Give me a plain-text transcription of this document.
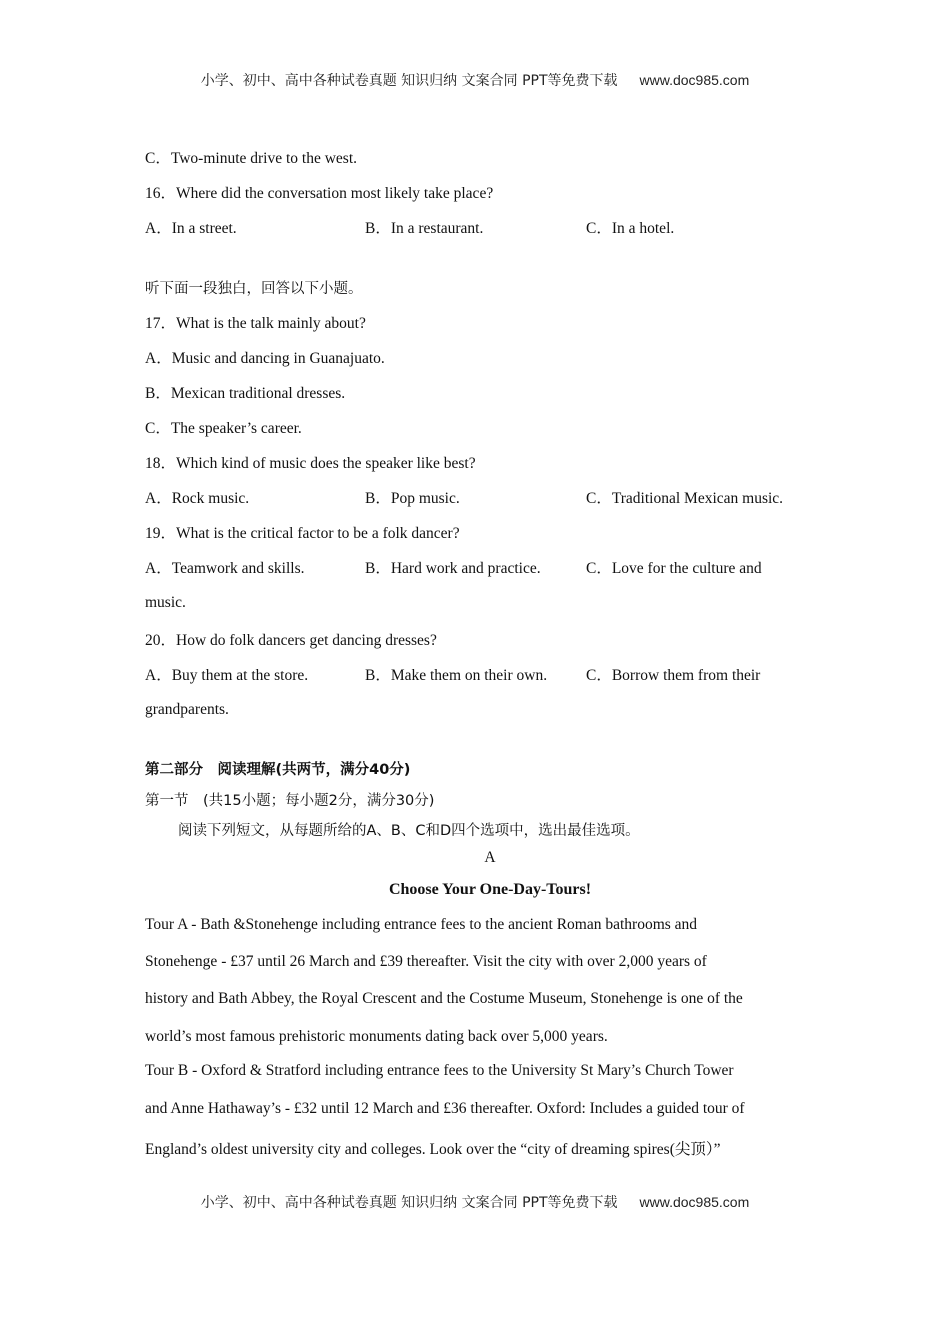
小学、初中、高中各种试卷真题 知识归纳 文案合同 PPT等免费下载 www.doc985.com
C．Two-minute drive to the west.
16．Where did the conversation most likely take place?
A．In a street.	B．In a restaurant.	C．In a hotel.
听下面一段独白，回答以下小题。
17．What is the talk mainly about?
A．Music and dancing in Guanajuato.
B．Mexican traditional dresses.
C．The speaker’s career.
18．Which kind of music does the speaker like best?
A．Rock music.	B．Pop music.	C．Traditional Mexican music.
19．What is the critical factor to be a folk dancer?
A．Teamwork and skills.	B．Hard work and practice.	C．Love for the culture and
music.
20．How do folk dancers get dancing dresses?
A．Buy them at the store.	B．Make them on their own.	C．Borrow them from their
grandparents.
第二部分　阅读理解(共两节，满分40分)
第一节　(共15小题；每小题2分，满分30分)
阅读下列短文，从每题所给的A、B、C和D四个选项中，选出最佳选项。
A
Choose Your One-Day-Tours!
Tour A - Bath &Stonehenge including entrance fees to the ancient Roman bathrooms and
Stonehenge - £37 until 26 March and £39 thereafter. Visit the city with over 2,000 years of
history and Bath Abbey, the Royal Crescent and the Costume Museum, Stonehenge is one of the
world’s most famous prehistoric monuments dating back over 5,000 years.
Tour B - Oxford & Stratford including entrance fees to the University St Mary’s Church Tower
and Anne Hathaway’s - £32 until 12 March and £36 thereafter. Oxford: Includes a guided tour of
England’s oldest university city and colleges. Look over the “city of dreaming spires(尖顶）”
小学、初中、高中各种试卷真题 知识归纳 文案合同 PPT等免费下载 www.doc985.com
